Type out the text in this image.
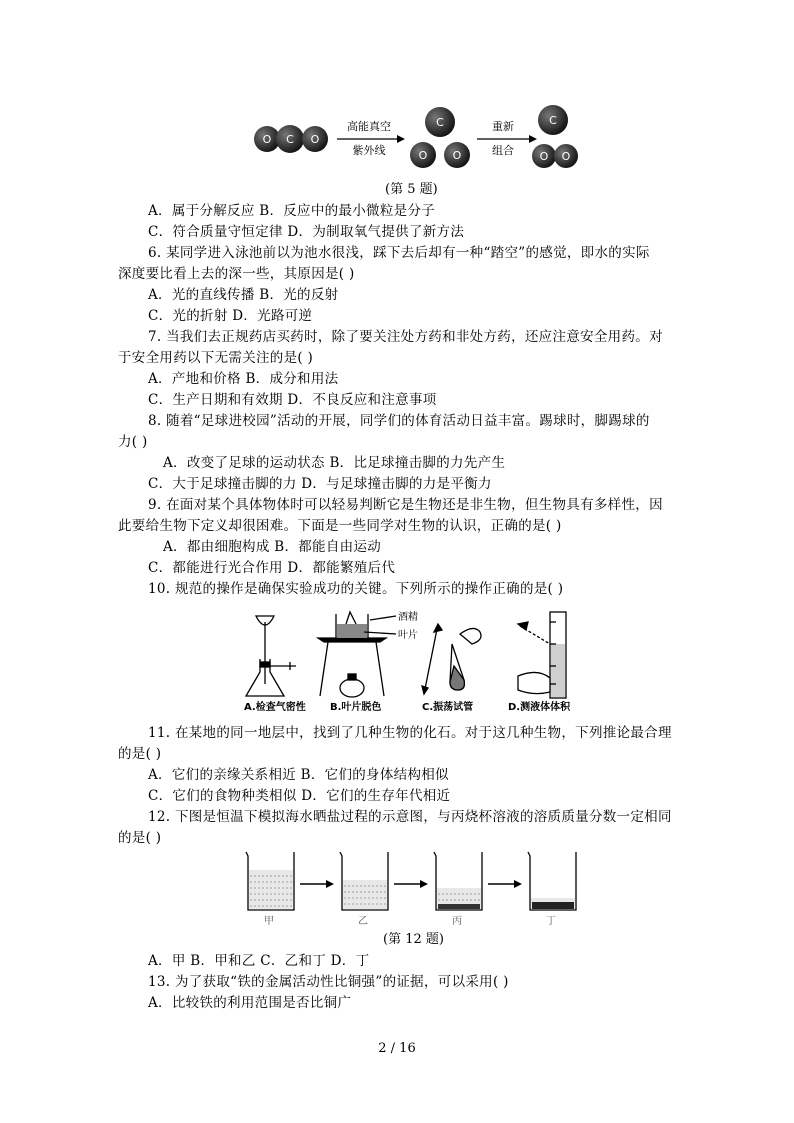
O C O
高能真空
紫外线
C
O O
重新
组合
C
O O
(第 5 题)
A．属于分解反应 B．反应中的最小微粒是分子
C．符合质量守恒定律 D．为制取氧气提供了新方法
6. 某同学进入泳池前以为池水很浅，踩下去后却有一种“踏空”的感觉，即水的实际
深度要比看上去的深一些，其原因是( )
A．光的直线传播 B．光的反射
C．光的折射 D．光路可逆
7. 当我们去正规药店买药时，除了要关注处方药和非处方药，还应注意安全用药。对
于安全用药以下无需关注的是( )
A．产地和价格 B．成分和用法
C．生产日期和有效期 D．不良反应和注意事项
8. 随着“足球进校园”活动的开展，同学们的体育活动日益丰富。踢球时，脚踢球的
力( )
A．改变了足球的运动状态 B．比足球撞击脚的力先产生
C．大于足球撞击脚的力 D．与足球撞击脚的力是平衡力
9. 在面对某个具体物体时可以轻易判断它是生物还是非生物，但生物具有多样性，因
此要给生物下定义却很困难。下面是一些同学对生物的认识，正确的是( )
A．都由细胞构成 B．都能自由运动
C．都能进行光合作用 D．都能繁殖后代
10. 规范的操作是确保实验成功的关键。下列所示的操作正确的是( )
酒精
叶片
A.检查气密性 B.叶片脱色	C.振荡试管	D.测液体体积
11. 在某地的同一地层中，找到了几种生物的化石。对于这几种生物，下列推论最合理
的是( )
A．它们的亲缘关系相近 B．它们的身体结构相似
C．它们的食物种类相似 D．它们的生存年代相近
12. 下图是恒温下模拟海水晒盐过程的示意图，与丙烧杯溶液的溶质质量分数一定相同
的是( )
甲	乙	丙	丁
(第 12 题)
A．甲 B．甲和乙 C．乙和丁 D．丁
13. 为了获取“铁的金属活动性比铜强”的证据，可以采用( )
A．比较铁的利用范围是否比铜广
2 / 16
